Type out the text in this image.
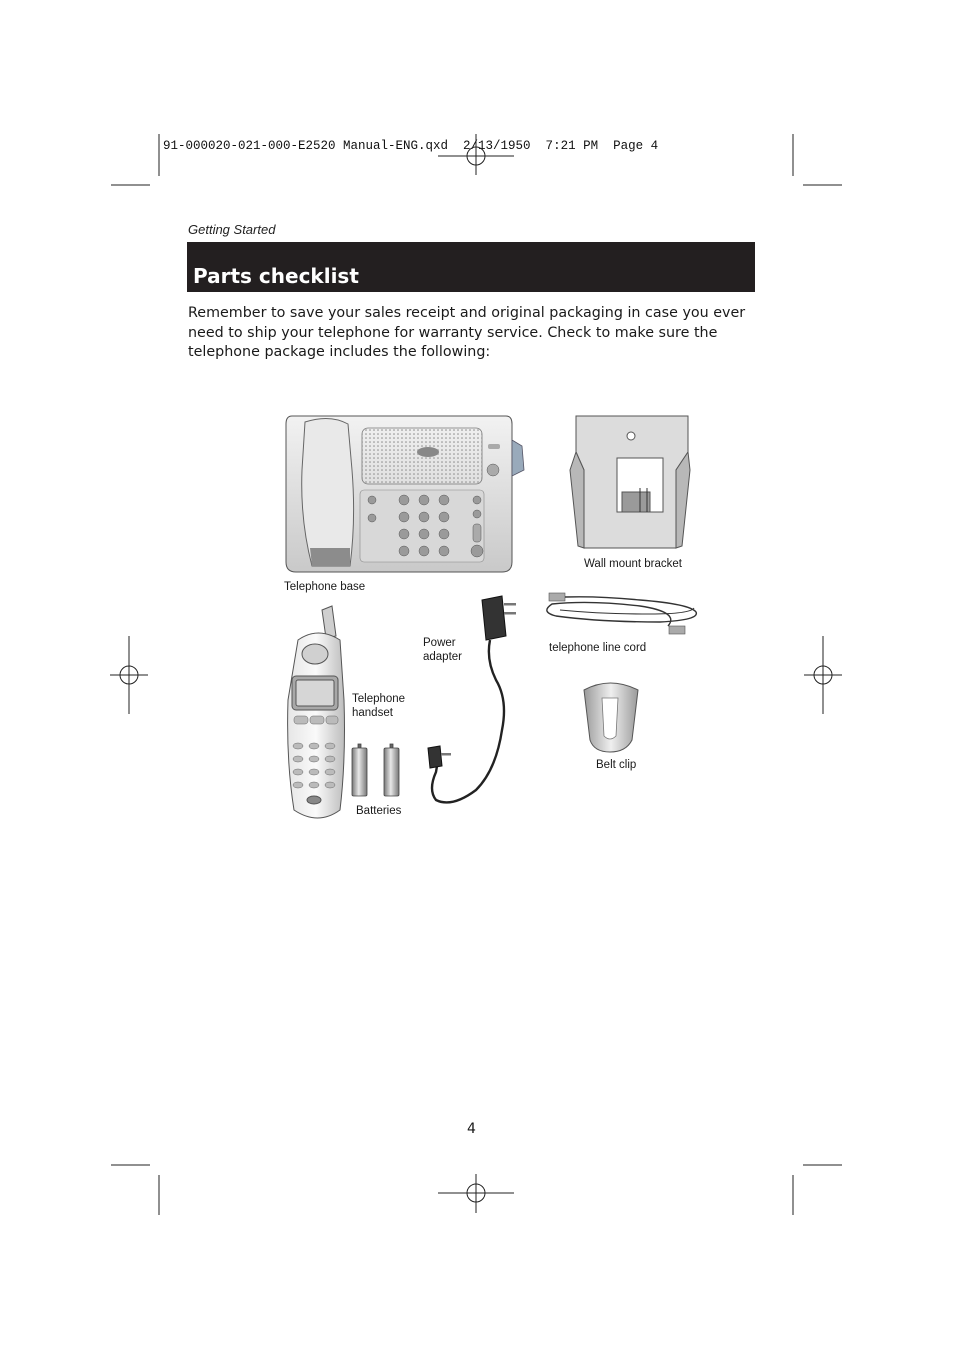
91-000020-021-000-E2520 Manual-ENG.qxd  2/13/1950  7:21 PM  Page 4
Getting Started
Parts checklist
Remember to save your sales receipt and original packaging in case you ever need to ship your telephone for warranty service. Check to make sure the telephone package includes the following:
Telephone base
Wall mount bracket
Power
adapter
telephone line cord
Telephone
handset
Belt clip
Batteries
4
